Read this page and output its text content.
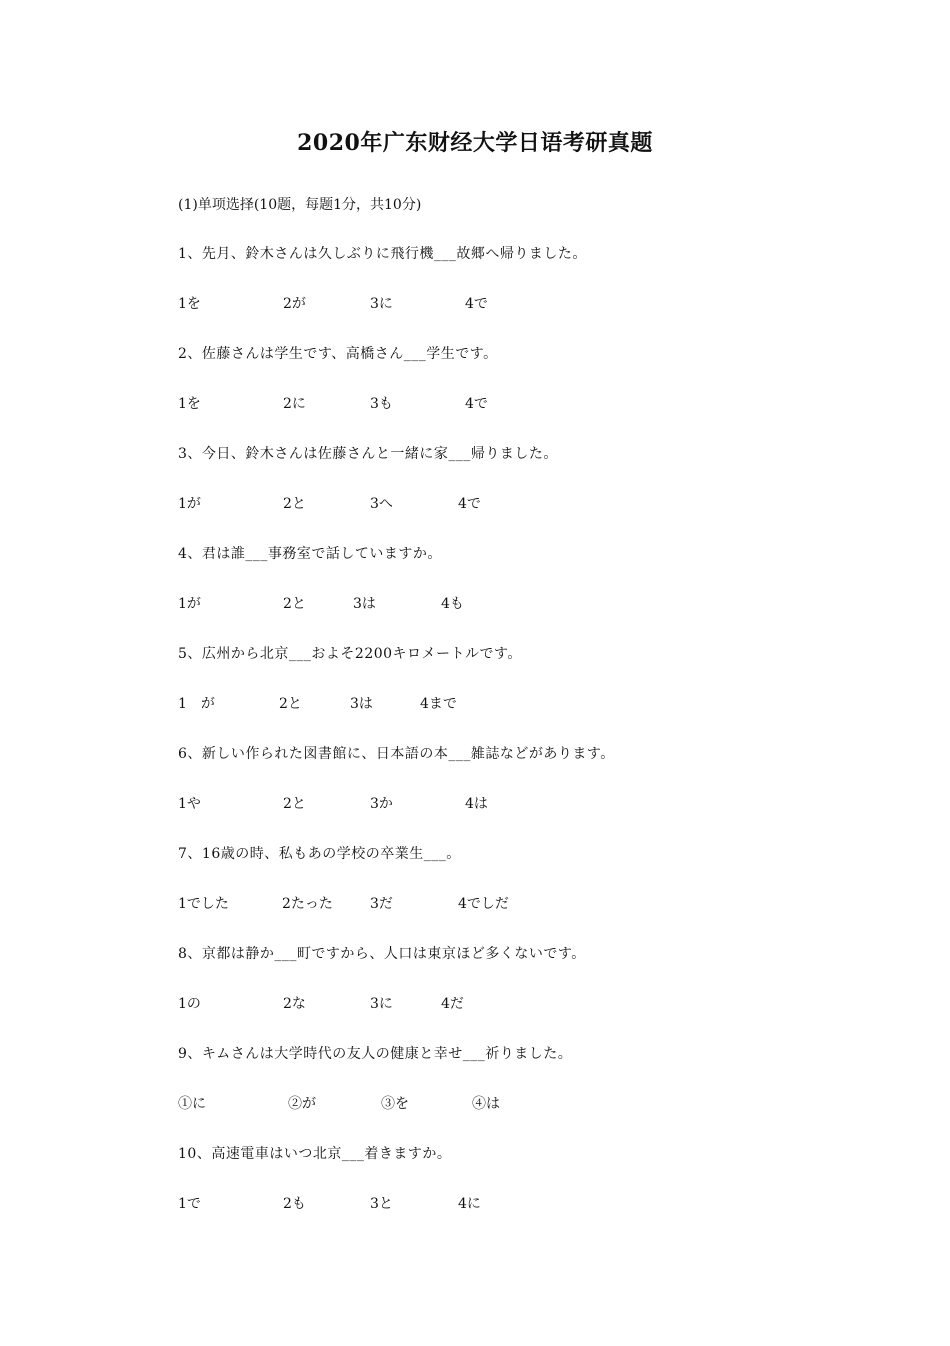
2020年广东财经大学日语考研真题

(1)单项选择(10题，每题1分，共10分)

1、先月、鈴木さんは久しぶりに飛行機___故郷へ帰りました。
1を	2が	3に	4で
2、佐藤さんは学生です、高橋さん___学生です。
1を	2に	3も	4で
3、今日、鈴木さんは佐藤さんと一緒に家___帰りました。
1が	2と	3へ	4で
4、君は誰___事務室で話していますか。
1が	2と	3は	4も
5、広州から北京___およそ2200キロメートルです。
1　が	2と	3は	4まで
6、新しい作られた図書館に、日本語の本___雑誌などがあります。
1や	2と	3か	4は
7、16歳の時、私もあの学校の卒業生___。
1でした	2たった	3だ	4でしだ
8、京都は静か___町ですから、人口は東京ほど多くないです。
1の	2な	3に	4だ
9、キムさんは大学時代の友人の健康と幸せ___祈りました。
①に	②が	③を	④は
10、高速電車はいつ北京___着きますか。
1で	2も	3と	4に
